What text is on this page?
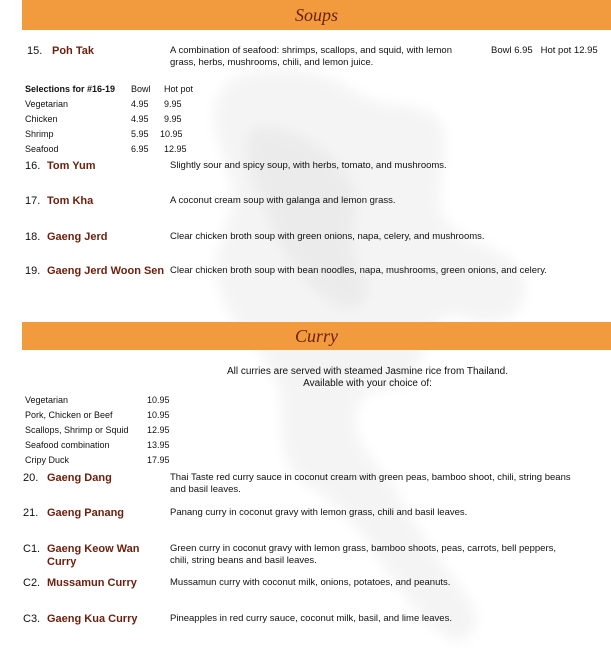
Soups
15. Poh Tak	A combination of seafood: shrimps, scallops, and squid, with lemon grass, herbs, mushrooms, chili, and lemon juice.
Bowl 6.95   Hot pot 12.95
Selections for #16-19 Bowl Hot pot
Vegetarian	4.95 9.95
Chicken	4.95 9.95
Shrimp	5.95 10.95
Seafood	6.95 12.95
16. Tom Yum	Slightly sour and spicy soup, with herbs, tomato, and mushrooms.
17. Tom Kha	A coconut cream soup with galanga and lemon grass.
18. Gaeng Jerd	Clear chicken broth soup with green onions, napa, celery, and mushrooms.
19. Gaeng Jerd Woon Sen Clear chicken broth soup with bean noodles, napa, mushrooms, green onions, and celery.
Curry
All curries are served with steamed Jasmine rice from Thailand.
Available with your choice of:
Vegetarian	10.95
Pork, Chicken or Beef	10.95
Scallops, Shrimp or Squid 12.95
Seafood combination	13.95
Cripy Duck	17.95
20. Gaeng Dang	Thai Taste red curry sauce in coconut cream with green peas, bamboo shoot, chili, string beans and basil leaves.
21. Gaeng Panang	Panang curry in coconut gravy with lemon grass, chili and basil leaves.
C1. Gaeng Keow Wan Curry
Green curry in coconut gravy with lemon grass, bamboo shoots, peas, carrots, bell peppers, chili, string beans and basil leaves.
C2. Mussamun Curry	Mussamun curry with coconut milk, onions, potatoes, and peanuts.
C3. Gaeng Kua Curry	Pineapples in red curry sauce, coconut milk, basil, and lime leaves.
